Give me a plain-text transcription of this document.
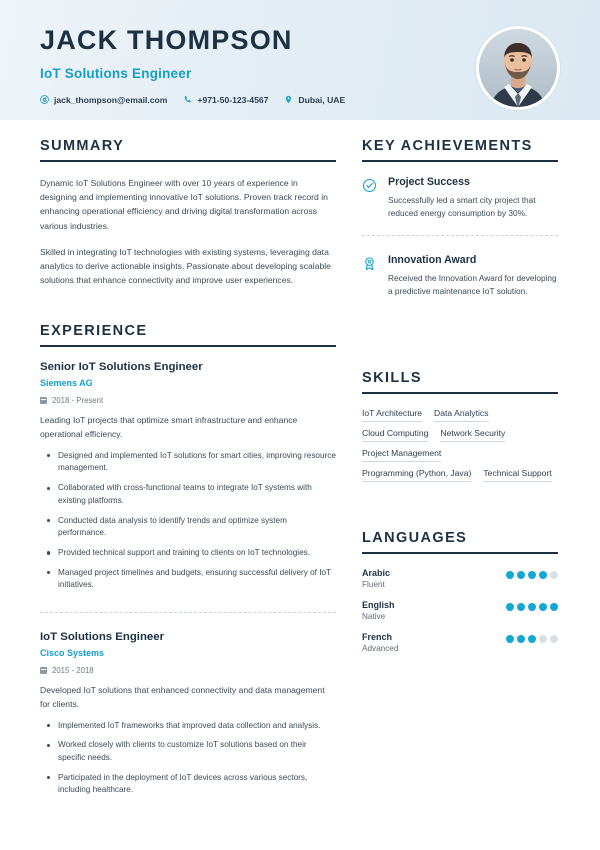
JACK THOMPSON
IoT Solutions Engineer
jack_thompson@email.com	+971-50-123-4567	Dubai, UAE
SUMMARY

Dynamic IoT Solutions Engineer with over 10 years of experience in designing and implementing innovative IoT solutions. Proven track record in enhancing operational efficiency and driving digital transformation across various industries.

Skilled in integrating IoT technologies with existing systems, leveraging data analytics to derive actionable insights. Passionate about developing scalable solutions that enhance connectivity and improve user experiences.

EXPERIENCE
Senior IoT Solutions Engineer
Siemens AG
2018 - Present

Leading IoT projects that optimize smart infrastructure and enhance operational efficiency.

Designed and implemented IoT solutions for smart cities, improving resource management.
Collaborated with cross-functional teams to integrate IoT systems with existing platforms.
Conducted data analysis to identify trends and optimize system performance.
Provided technical support and training to clients on IoT technologies.
Managed project timelines and budgets, ensuring successful delivery of IoT initiatives.
IoT Solutions Engineer
Cisco Systems
2015 - 2018

Developed IoT solutions that enhanced connectivity and data management for clients.

Implemented IoT frameworks that improved data collection and analysis.
Worked closely with clients to customize IoT solutions based on their specific needs.
Participated in the deployment of IoT devices across various sectors, including healthcare.
KEY ACHIEVEMENTS
Project Success
Successfully led a smart city project that reduced energy consumption by 30%.
Innovation Award
Received the Innovation Award for developing a predictive maintenance IoT solution.
SKILLS
IoT Architecture Data Analytics
Cloud Computing Network Security
Project Management
Programming (Python, Java) Technical Support
LANGUAGES
Arabic
Fluent
English
Native
French
Advanced
